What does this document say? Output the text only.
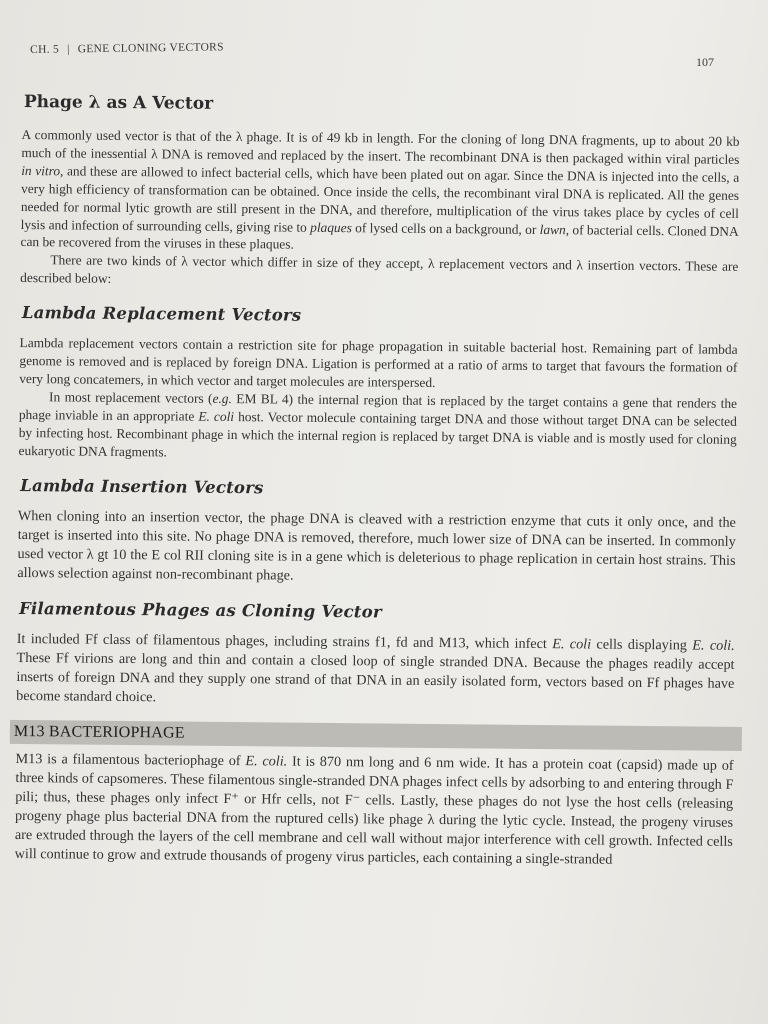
CH. 5 | GENE CLONING VECTORS
107
Phage λ as A Vector

A commonly used vector is that of the λ phage. It is of 49 kb in length. For the cloning of long DNA fragments, up to about 20 kb much of the inessential λ DNA is removed and replaced by the insert. The recombinant DNA is then packaged within viral particles in vitro, and these are allowed to infect bacterial cells, which have been plated out on agar. Since the DNA is injected into the cells, a very high efficiency of transformation can be obtained. Once inside the cells, the recombinant viral DNA is replicated. All the genes needed for normal lytic growth are still present in the DNA, and therefore, multiplication of the virus takes place by cycles of cell lysis and infection of surrounding cells, giving rise to plaques of lysed cells on a background, or lawn, of bacterial cells. Cloned DNA can be recovered from the viruses in these plaques.

There are two kinds of λ vector which differ in size of they accept, λ replacement vectors and λ insertion vectors. These are described below:

Lambda Replacement Vectors

Lambda replacement vectors contain a restriction site for phage propagation in suitable bacterial host. Remaining part of lambda genome is removed and is replaced by foreign DNA. Ligation is performed at a ratio of arms to target that favours the formation of very long concatemers, in which vector and target molecules are interspersed.

In most replacement vectors (e.g. EM BL 4) the internal region that is replaced by the target contains a gene that renders the phage inviable in an appropriate E. coli host. Vector molecule containing target DNA and those without target DNA can be selected by infecting host. Recombinant phage in which the internal region is replaced by target DNA is viable and is mostly used for cloning eukaryotic DNA fragments.

Lambda Insertion Vectors

When cloning into an insertion vector, the phage DNA is cleaved with a restriction enzyme that cuts it only once, and the target is inserted into this site. No phage DNA is removed, therefore, much lower size of DNA can be inserted. In commonly used vector λ gt 10 the E col RII cloning site is in a gene which is deleterious to phage replication in certain host strains. This allows selection against non-recombinant phage.

Filamentous Phages as Cloning Vector

It included Ff class of filamentous phages, including strains f1, fd and M13, which infect E. coli cells displaying E. coli. These Ff virions are long and thin and contain a closed loop of single stranded DNA. Because the phages readily accept inserts of foreign DNA and they supply one strand of that DNA in an easily isolated form, vectors based on Ff phages have become standard choice.

M13 BACTERIOPHAGE

M13 is a filamentous bacteriophage of E. coli. It is 870 nm long and 6 nm wide. It has a protein coat (capsid) made up of three kinds of capsomeres. These filamentous single-stranded DNA phages infect cells by adsorbing to and entering through F pili; thus, these phages only infect F⁺ or Hfr cells, not F⁻ cells. Lastly, these phages do not lyse the host cells (releasing progeny phage plus bacterial DNA from the ruptured cells) like phage λ during the lytic cycle. Instead, the progeny viruses are extruded through the layers of the cell membrane and cell wall without major interference with cell growth. Infected cells will continue to grow and extrude thousands of progeny virus particles, each containing a single-stranded
